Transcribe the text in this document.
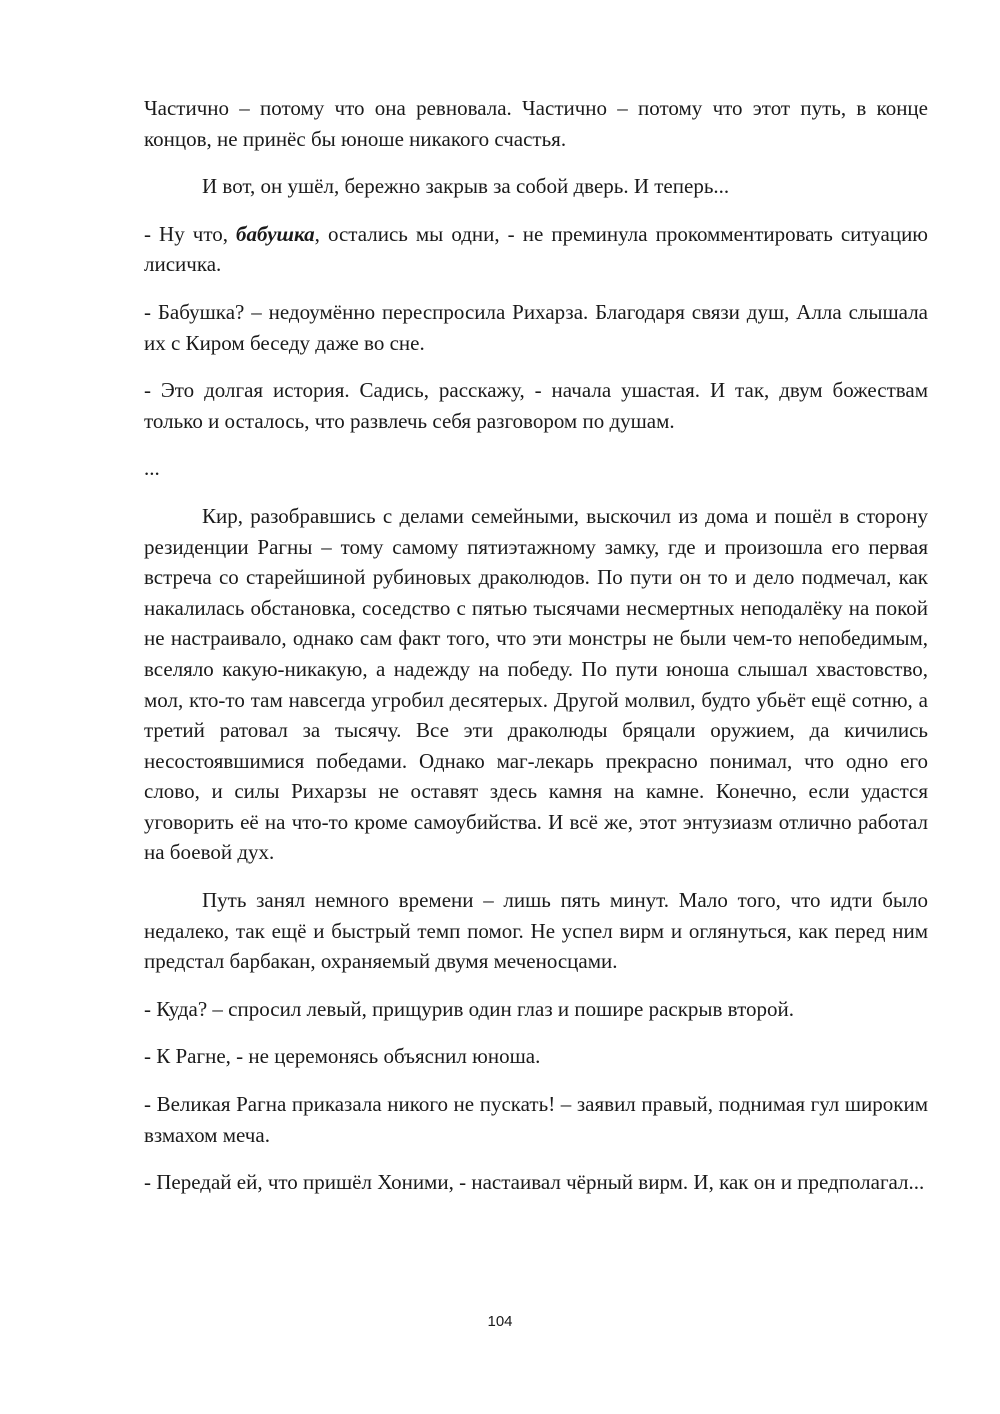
Частично – потому что она ревновала. Частично – потому что этот путь, в конце концов, не принёс бы юноше никакого счастья.

И вот, он ушёл, бережно закрыв за собой дверь. И теперь...

- Ну что, бабушка, остались мы одни, - не преминула прокомментировать ситуацию лисичка.

- Бабушка? – недоумённо переспросила Рихарза. Благодаря связи душ, Алла слышала их с Киром беседу даже во сне.

- Это долгая история. Садись, расскажу, - начала ушастая. И так, двум божествам только и осталось, что развлечь себя разговором по душам.

...

Кир, разобравшись с делами семейными, выскочил из дома и пошёл в сторону резиденции Рагны – тому самому пятиэтажному замку, где и произошла его первая встреча со старейшиной рубиновых драколюдов. По пути он то и дело подмечал, как накалилась обстановка, соседство с пятью тысячами несмертных неподалёку на покой не настраивало, однако сам факт того, что эти монстры не были чем-то непобедимым, вселяло какую-никакую, а надежду на победу. По пути юноша слышал хвастовство, мол, кто-то там навсегда угробил десятерых. Другой молвил, будто убьёт ещё сотню, а третий ратовал за тысячу. Все эти драколюды бряцали оружием, да кичились несостоявшимися победами. Однако маг-лекарь прекрасно понимал, что одно его слово, и силы Рихарзы не оставят здесь камня на камне. Конечно, если удастся уговорить её на что-то кроме самоубийства. И всё же, этот энтузиазм отлично работал на боевой дух.

Путь занял немного времени – лишь пять минут. Мало того, что идти было недалеко, так ещё и быстрый темп помог. Не успел вирм и оглянуться, как перед ним предстал барбакан, охраняемый двумя меченосцами.

- Куда? – спросил левый, прищурив один глаз и пошире раскрыв второй.

- К Рагне, - не церемонясь объяснил юноша.

- Великая Рагна приказала никого не пускать! – заявил правый, поднимая гул широким взмахом меча.

- Передай ей, что пришёл Хоними, - настаивал чёрный вирм. И, как он и предполагал...

104
